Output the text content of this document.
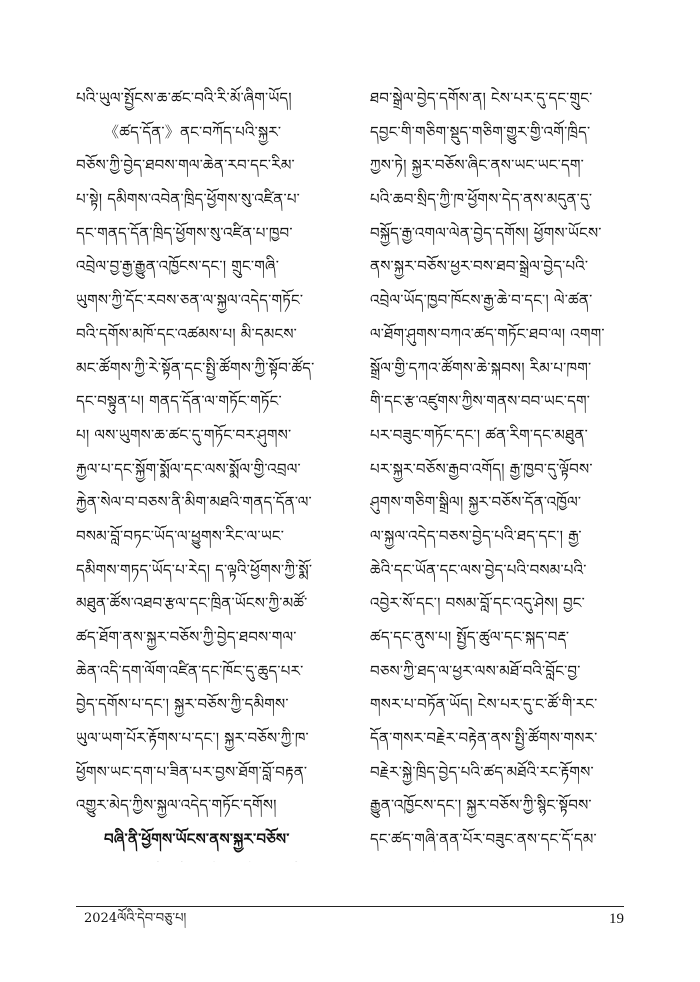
པའི་ཡུལ་སྤྱོངས་ཆ་ཚང་བའི་རི་མོ་ཞིག་ཡོད།
《ཚད་དོན་》ནང་བཀོད་པའི་སྐྱར་
བཅོས་ཀྱི་བྱེད་ཐབས་གལ་ཆེན་རབ་དང་རིམ་
པ་སྟེ། དམིགས་འབེན་ཁྲིད་ཕྱོགས་སུ་འཛིན་པ་
དང་གནད་དོན་ཁྲིད་ཕྱོགས་སུ་འཛིན་པ་ཁྱབ་
འབྲེལ་བྱ་རྒྱ་རྒྱུན་འཁྱོངས་དང་། གྲུང་གཞི་
ཡུགས་ཀྱི་དོང་རབས་ཅན་ལ་སྐྱལ་འདེད་གཏོང་
བའི་དགོས་མཁོ་དང་འཚམས་པ། མི་དམངས་
མང་ཚོགས་ཀྱི་རེ་སྟོན་དང་སྤྱི་ཚོགས་ཀྱི་སྟོབ་ཚོད་
དང་བསྟུན་པ། གནད་དོན་ལ་གཏོང་གཏོང་
པ། ལས་ཡུགས་ཆ་ཚང་དུ་གཏོང་བར་ཤུགས་
རྐྱལ་པ་དང་སྐྱོག་སྨོལ་དང་ལས་སྨོལ་གྱི་འབྲལ་
རྐྱེན་སེལ་བ་བཅས་ནི་མིག་མཐའི་གནད་དོན་ལ་
བསམ་བློ་བཏང་ཡོད་ལ་ཕྱུགས་རིང་ལ་ཡང་
དམིགས་གཏད་ཡོད་པ་རེད། ད་ལྟའི་ཕྱོགས་ཀྱི་སྨོ་
མཐུན་ཚོས་འཐབ་རྩལ་དང་ཁྲིན་ཡོངས་ཀྱི་མཚོ་
ཚད་ཐོག་ནས་སྐྱར་བཅོས་ཀྱི་བྱེད་ཐབས་གལ་
ཆེན་འདི་དག་ལོག་འཛིན་དང་ཁོང་དུ་ཆུད་པར་
བྱེད་དགོས་པ་དང་། སྐྱར་བཅོས་ཀྱི་དམིགས་
ཡུལ་ཡག་པོར་རྟོགས་པ་དང་། སྐྱར་བཅོས་ཀྱི་ཁ་
ཕྱོགས་ཡང་དག་པ་ཟིན་པར་བྱས་ཐོག་བློ་བརྟན་
འགྱུར་མེད་ཀྱིས་སྐྱལ་འདེད་གཏོང་དགོས།
བཞི་ནི་ཕྱོགས་ཡོངས་ནས་སྐྱར་བཅོས་
ཐབ་སྒྲེལ་བྱེད་དགོས་ན། ངེས་པར་དུ་དང་གྲུང་
དབྱང་གི་གཅིག་སྡུད་གཅིག་གྱུར་གྱི་འགོ་ཁྲིད་
ཀྱས་ཏེ། སྐྱར་བཅོས་ཞིང་ནས་ཡང་ཡང་དག་
པའི་ཆབ་སྲིད་ཀྱི་ཁ་ཕྱོགས་དེད་ནས་མདུན་དུ་
བསྐྱོད་རྒྱ་འགལ་ལེན་བྱེད་དགོས། ཕྱོགས་ཡོངས་
ནས་སྐྱར་བཅོས་ཕྱར་བས་ཐབ་སྒྲེལ་བྱེད་པའི་
འབྲེལ་ཡོད་ཁྱབ་ཁོངས་རྒྱ་ཆེ་བ་དང་། ལེ་ཚན་
ལ་ཐོག་ཤུགས་བཀའ་ཚད་གཏོང་ཐབ་ལ། འགག་
སྒྲོལ་གྱི་དཀའ་ཚོགས་ཆེ་སྐབས། རིམ་པ་ཁག་
གི་དང་རྩ་འཛུགས་ཀྱིས་གནས་བབ་ཡང་དག་
པར་བཟུང་གཏོང་དང་། ཚན་རིག་དང་མཐུན་
པར་སྐྱར་བཅོས་རྒྱབ་འགོད། རྒྱ་ཁྱབ་དུ་ལྟོབས་
ཤུགས་གཅིག་སྒྲིལ། སྐྱར་བཅོས་དོན་འཁྱོལ་
ལ་སྐྱལ་འདེད་བཅས་བྱེད་པའི་ཐད་དང་། རྒྱ་
ཆེའི་དང་ཡོན་དང་ལས་བྱེད་པའི་བསམ་པའི་
འབྱེར་སོ་དང་། བསམ་བློ་དང་འདུ་ཤེས། བྱང་
ཚད་དང་ནུས་པ། སྤྱོད་ཚུལ་དང་སྐད་བརྡ་
བཅས་ཀྱི་ཐད་ལ་ཕྱར་ལས་མཐོ་བའི་བློང་བྱ་
གསར་པ་བཏོན་ཡོད། ངེས་པར་དུ་ང་ཚོ་གི་རང་
དོན་གསར་བརྗེར་བརྟེན་ནས་སྤྱི་ཚོགས་གསར་
བརྗེར་སྐྱེ་ཁྲིད་བྱེད་པའི་ཚད་མཐོའི་རང་རྟོགས་
རྒྱུན་འཁྱོངས་དང་། སྐྱར་བཅོས་ཀྱི་སྙིང་སྟོབས་
དང་ཚད་གཞི་ནན་པོར་བཟུང་ནས་དང་དོ་དམ་
2024ལོའི་དེབ་བཅུ་པ།	19
